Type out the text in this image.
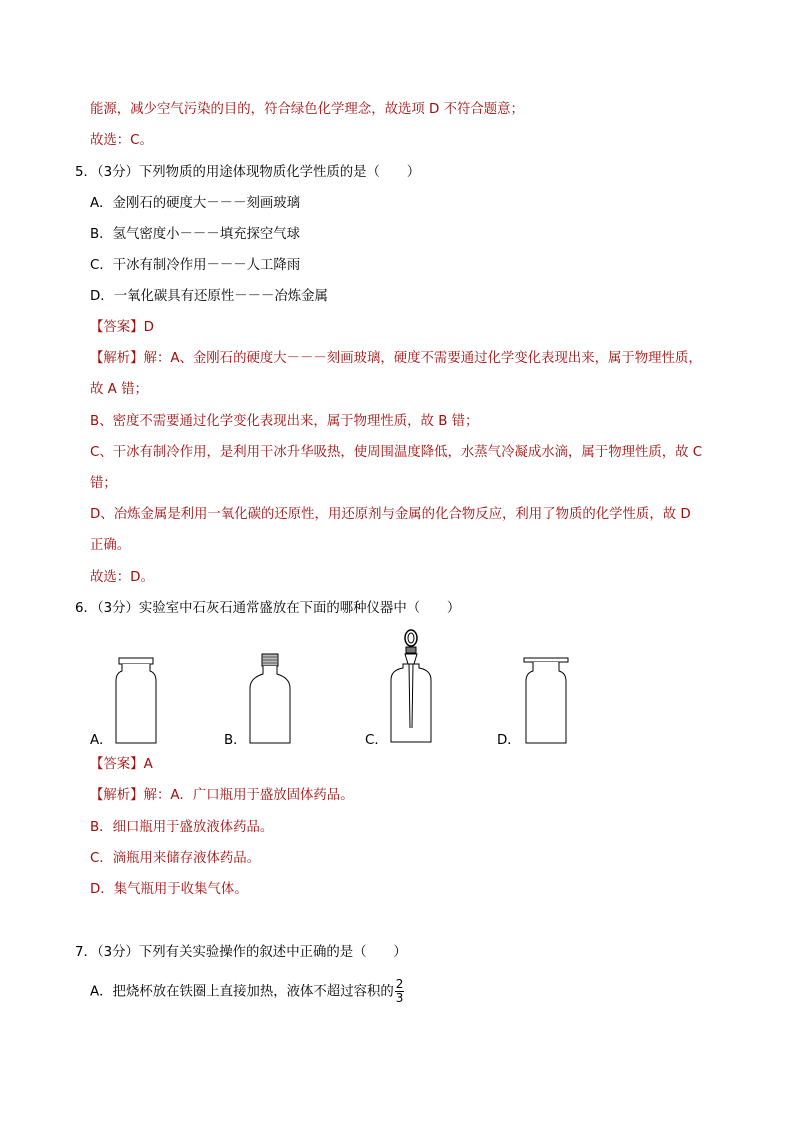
能源，减少空气污染的目的，符合绿色化学理念，故选项 D 不符合题意；
故选：C。
5．（3分）下列物质的用途体现物质化学性质的是（　　）
A．金刚石的硬度大－－－刻画玻璃
B．氢气密度小－－－填充探空气球
C．干冰有制冷作用－－－人工降雨
D．一氧化碳具有还原性－－－冶炼金属
【答案】D
【解析】解：A、金刚石的硬度大－－－刻画玻璃，硬度不需要通过化学变化表现出来，属于物理性质，
故 A 错；
B、密度不需要通过化学变化表现出来，属于物理性质，故 B 错；
C、干冰有制冷作用，是利用干冰升华吸热，使周围温度降低，水蒸气冷凝成水滴，属于物理性质，故 C
错；
D、冶炼金属是利用一氧化碳的还原性，用还原剂与金属的化合物反应，利用了物质的化学性质，故 D
正确。
故选：D。
6．（3分）实验室中石灰石通常盛放在下面的哪种仪器中（　　）
A．	B．	C．	D．
【答案】A
【解析】解：A．广口瓶用于盛放固体药品。
B．细口瓶用于盛放液体药品。
C．滴瓶用来储存液体药品。
D．集气瓶用于收集气体。
7．（3分）下列有关实验操作的叙述中正确的是（　　）
A．把烧杯放在铁圈上直接加热，液体不超过容积的 $\frac{2}{3}$
